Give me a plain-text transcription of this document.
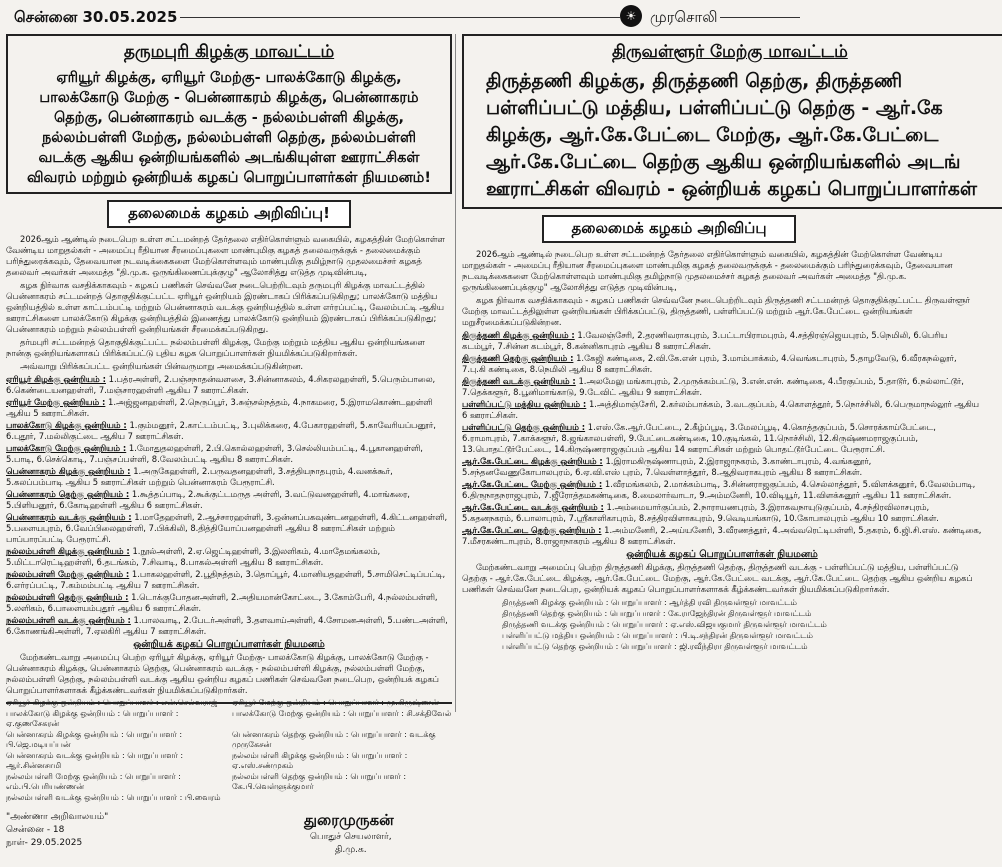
சென்னை 30.05.2025	☀ முரசொலி
தருமபுரி கிழக்கு மாவட்டம்
ஏரியூர் கிழக்கு, ஏரியூர் மேற்கு- பாலக்கோடு கிழக்கு, பாலக்கோடு மேற்கு - பென்னாகரம் கிழக்கு, பென்னாகரம் தெற்கு, பென்னாகரம் வடக்கு - நல்லம்பள்ளி கிழக்கு, நல்லம்பள்ளி மேற்கு, நல்லம்பள்ளி தெற்கு, நல்லம்பள்ளி வடக்கு ஆகிய ஒன்றியங்களில் அடங்கியுள்ள ஊராட்சிகள் விவரம் மற்றும் ஒன்றியக் கழகப் பொறுப்பாளர்கள் நியமனம்!
தலைமைக் கழகம் அறிவிப்பு!

2026ஆம் ஆண்டில் நடைபெற உள்ள சட்டமன்றத் தேர்தலை எதிர்கொள்ளும் வகையில், கழகத்தின் மேற்கொள்ள வேண்டிய மாறுதல்கள் - அமைப்பு ரீதியான சீரமைப்புகளை மாண்புமிகு கழகத் தலைவருக்குக் - தலைமைக்கும் பரிந்துரைக்கவும், தேவையான நடவடிக்கைகளை மேற்கொள்ளவும் மாண்புமிகு தமிழ்நாடு முதலமைச்சர் கழகத் தலைவர் அவர்கள் அமைத்த "தி.மு.க. ஒருங்கிணைப்புக்குழு" ஆலோசித்து எடுத்த முடிவின்படி,

கழக நிர்வாக வசதிக்காகவும் - கழகப் பணிகள் செவ்வனே நடைபெற்றிடவும் தருமபுரி கிழக்கு மாவட்டத்தில் பென்னாகரம் சட்டமன்றத் தொகுதிக்குட்பட்ட ஏரியூர் ஒன்றியம் இரண்டாகப் பிரிக்கப்படுகிறது; பாலக்கோடு மத்திய ஒன்றியத்தில் உள்ள காட்டம்பட்டி மற்றும் பென்னாகரம் வடக்கு ஒன்றியத்தில் உள்ள எர்ரப்பட்டி, வேலம்பட்டி ஆகிய ஊராட்சிகளை பாலக்கோடு கிழக்கு ஒன்றியத்தில் இணைத்து பாலக்கோடு ஒன்றியம் இரண்டாகப் பிரிக்கப்படுகிறது; பென்னாகரம் மற்றும் நல்லம்பள்ளி ஒன்றியங்கள் சீரமைக்கப்படுகிறது.

தர்மபுரி சட்டமன்றத் தொகுதிக்குட்பட்ட நல்லம்பள்ளி கிழக்கு, மேற்கு மற்றும் மத்திய ஆகிய ஒன்றியங்களை நான்கு ஒன்றியங்களாகப் பிரிக்கப்பட்டு புதிய கழக பொறுப்பாளர்கள் நியமிக்கப்படுகிறார்கள்.

அவ்வாறு பிரிக்கப்பட்ட ஒன்றியங்கள் பின்வருமாறு அமைக்கப்படுகின்றன.

ஏரியூர் கிழக்கு ஒன்றியம் : 1.பத்ரஅள்ளி, 2.பஞ்சநாதன்வளசை, 3.சின்னாகலம், 4.சிகரலஹள்ளி, 5.பெரும்பாலை, 6.கெண்டையனஹள்ளி, 7.மஞ்சாரஹள்ளி ஆகிய 7 ஊராட்சிகள்.

ஏரியூர் மேற்கு ஒன்றியம் : 1.அஜ்ஜனஹள்ளி, 2.நெருப்பூர், 3.சுஞ்சல்நத்தம், 4.நாகமரை, 5.இராமகொண்டஹள்ளி ஆகிய 5 ஊராட்சிகள்.

பாலக்கோடு கிழக்கு ஒன்றியம் : 1.கும்மனூர், 2.காட்டம்பட்டி, 3.புலிக்கரை, 4.பேகாரஹள்ளி, 5.காவேரியப்பனூர், 6.புதூர், 7.மல்லிகுட்டை ஆகிய 7 ஊராட்சிகள்.

பாலக்கோடு மேற்கு ஒன்றியம் : 1.மோதுதலஹள்ளி, 2.பி.கொல்லஹள்ளி, 3.செல்லியம்பட்டி, 4.பூகானஹள்ளி, 5.பாடி, 6.செக்கொடி, 7.பஞ்சப்பள்ளி, 8.வேலம்பட்டி ஆகிய 8 ஊராட்சிகள்.

பென்னாகரம் கிழக்கு ஒன்றியம் : 1.அருகேஹள்ளி, 2.பருவதனஹள்ளி, 3.சத்தியநாதபுரம், 4.வனக்கூர், 5.கலப்பம்பாடி ஆகிய 5 ஊராட்சிகள் மற்றும் பென்னாகரம் பேரூராட்சி.

பென்னாகரம் தெற்கு ஒன்றியம் : 1.கூத்தப்பாடி, 2.கூக்குட்டமருத அள்ளி, 3.வட்டுவனஹள்ளி, 4.மாங்கரை, 5.பிளியனூர், 6.கோடிஹள்ளி ஆகிய 6 ஊராட்சிகள்.

பென்னாகரம் வடக்கு ஒன்றியம் : 1.மாதேஹள்ளி, 2.ஆச்சாரஹள்ளி, 3.ஒன்னப்பகவுண்டனஹள்ளி, 4.கிட்டனஹள்ளி, 5.பளையபுரம், 6.வேப்பிலைஹள்ளி, 7.பிக்கிலி, 8.தித்தியோப்பனஹள்ளி ஆகிய 8 ஊராட்சிகள் மற்றும் பாப்பாரப்பட்டி பேரூராட்சி.

நல்லம்பள்ளி கிழக்கு ஒன்றியம் : 1.நூல்அள்ளி, 2.ஏ.ஜெட்டிஹள்ளி, 3.இலளிகம், 4.மாதேமங்கலம், 5.மிட்டாரெட்டிஹள்ளி, 6.தடங்கம், 7.சிவாடி, 8.பாகல்அள்ளி ஆகிய 8 ஊராட்சிகள்.

நல்லம்பள்ளி மேற்கு ஒன்றியம் : 1.பாகலஹள்ளி, 2.பூதிநத்தம், 3.தொப்பூர், 4.மானியதஹள்ளி, 5.சாமிசெட்டிப்பட்டி, 6.எர்ரப்பட்டி, 7.கம்மம்பட்டி ஆகிய 7 ஊராட்சிகள்.

நல்லம்பள்ளி தெற்கு ஒன்றியம் : 1.டொக்குபோதனஅள்ளி, 2.அதியமான்கோட்டை, 3.கோம்பேரி, 4.நல்லம்பள்ளி, 5.லளிகம், 6.பாளையம்புதூர் ஆகிய 6 ஊராட்சிகள்.

நல்லம்பள்ளி வடக்கு ஒன்றியம் : 1.பாலவாடி, 2.பேடர்அள்ளி, 3.தளவாய்அள்ளி, 4.சோமனஅள்ளி, 5.பண்டஅள்ளி, 6.கோணங்கிஅள்ளி, 7.ஏலகிரி ஆகிய 7 ஊராட்சிகள்.

ஒன்றியக் கழகப் பொறுப்பாளர்கள் நியமனம்

மேற்கண்டவாறு அமைப்பு பெற்ற ஏரியூர் கிழக்கு, ஏரியூர் மேற்கு- பாலக்கோடு கிழக்கு, பாலக்கோடு மேற்கு - பென்னாகரம் கிழக்கு, பென்னாகரம் தெற்கு, பென்னாகரம் வடக்கு - நல்லம்பள்ளி கிழக்கு, நல்லம்பள்ளி மேற்கு, நல்லம்பள்ளி தெற்கு, நல்லம்பள்ளி வடக்கு ஆகிய ஒன்றிய கழகப் பணிகள் செவ்வனே நடைபெற, ஒன்றியக் கழகப் பொறுப்பாளர்களாகக் கீழ்க்கண்டவர்கள் நியமிக்கப்படுகிறார்கள்.

ஏரியூர் கிழக்கு ஒன்றியம் : பொறுப்பாளர் : என்.செல்வராஜ்	ஏரியூர் மேற்கு ஒன்றியம் : பொறுப்பாளர் : மு.கிருஷ்ணன்
பாலக்கோடு கிழக்கு ஒன்றியம் : பொறுப்பாளர் : ஏ.குணசேகரன்
பாலக்கோடு மேற்கு ஒன்றியம் : பொறுப்பாளர் : சி.சக்திவேல்
பென்னாகரம் கிழக்கு ஒன்றியம் : பொறுப்பாளர் : பி.ஜெ.மடியப்பன்
பென்னாகரம் தெற்கு ஒன்றியம் : பொறுப்பாளர் : வடக்கு முருகேசன்
பென்னாகரம் வடக்கு ஒன்றியம் : பொறுப்பாளர் : ஆர்.சின்னசாமி
நல்லம்பள்ளி கிழக்கு ஒன்றியம் : பொறுப்பாளர் : ஏ.எஸ்.சண்முகம்
நல்லம்பள்ளி மேற்கு ஒன்றியம் : பொறுப்பாளர் : எம்.பி.பெரியண்ணன்
நல்லம்பள்ளி தெற்கு ஒன்றியம் : பொறுப்பாளர் : கே.பி.வெள்ளுக்குமார்
நல்லம்பள்ளி வடக்கு ஒன்றியம் : பொறுப்பாளர் : பி.வைரம்
"அண்ணா அறிவாலயம்"
சென்னை - 18
நாள்- 29.05.2025
துரைமுருகன்
பொதுச் செயலாளர்,
தி.மு.க.
திருவள்ளூர் மேற்கு மாவட்டம்
திருத்தணி கிழக்கு, திருத்தணி தெற்கு, திருத்தணி
பள்ளிப்பட்டு மத்திய, பள்ளிப்பட்டு தெற்கு - ஆர்.கே
கிழக்கு, ஆர்.கே.பேட்டை மேற்கு, ஆர்.கே.பேட்டை
ஆர்.கே.பேட்டை தெற்கு ஆகிய ஒன்றியங்களில் அடங்
ஊராட்சிகள் விவரம் - ஒன்றியக் கழகப் பொறுப்பாளர்கள்
தலைமைக் கழகம் அறிவிப்பு

2026ஆம் ஆண்டில் நடைபெற உள்ள சட்டமன்றத் தேர்தலை எதிர்கொள்ளும் வகையில், கழகத்தின் மேற்கொள்ள வேண்டிய மாறுதல்கள் - அமைப்பு ரீதியான சீரமைப்புகளை மாண்புமிகு கழகத் தலைவருக்குக் - தலைமைக்கும் பரிந்துரைக்கவும், தேவையான நடவடிக்கைகளை மேற்கொள்ளவும் மாண்புமிகு தமிழ்நாடு முதலமைச்சர் கழகத் தலைவர் அவர்கள் அமைத்த "தி.மு.க. ஒருங்கிணைப்புக்குழு" ஆலோசித்து எடுத்த முடிவின்படி,

கழக நிர்வாக வசதிக்காகவும் - கழகப் பணிகள் செவ்வனே நடைபெற்றிடவும் திருத்தணி சட்டமன்றத் தொகுதிக்குட்பட்ட திருவள்ளூர் மேற்கு மாவட்டத்திலுள்ள ஒன்றியங்கள் பிரிக்கப்பட்டு, திருத்தணி, பள்ளிப்பட்டு மற்றும் ஆர்.கே.பேட்டை ஒன்றியங்கள் மறுசீரமைக்கப்படுகின்றன.

திருத்தணி கிழக்கு ஒன்றியம் : 1.வேலஞ்சேரி, 2.தரணிவராகபுரம், 3.பட்டாபிராமபுரம், 4.சத்திரஞ்ஜெயபுரம், 5.நெமிலி, 6.பெரிய கடம்பூர், 7.சின்ன கடம்பூர், 8.கன்னிகாபுரம் ஆகிய 8 ஊராட்சிகள்.

திருத்தணி தெற்கு ஒன்றியம் : 1.கேஜி கண்டிகை, 2.வி.கே.என் புரம், 3.மாம்பாக்கம், 4.வெங்கடாபுரம், 5.தாழவேடு, 6.வீரகநல்லூர், 7.பு.கி கண்டிகை, 8.நெமிலி ஆகிய 8 ஊராட்சிகள்.

திருத்தணி வடக்கு ஒன்றியம் : 1.அலமேலு மங்காபுரம், 2.முருக்கம்பட்டு, 3.என்.என். கண்டிகை, 4.பீரகுப்பம், 5.தாடூர், 6.நல்லாட்டூர், 7.தெக்களூர், 8.பூனிமாங்காடு, 9.டேவிட் ஆகிய 9 ஊராட்சிகள்.

பள்ளிப்பட்டு மத்திய ஒன்றியம் : 1.அத்திமாஞ்சேரி, 2.கர்லம்பாக்கம், 3.வடகுப்பம், 4.கொளத்தூர், 5.நொச்சிலி, 6.பெருமாநல்லூர் ஆகிய 6 ஊராட்சிகள்.

பள்ளிப்பட்டு தெற்கு ஒன்றியம் : 1.எஸ்.கே.ஆர்.பேட்டை, 2.கீழ்ப்பூடி, 3.மேலப்பூடி, 4.கொத்தகுப்பம், 5.சொரக்காய்பேட்டை, 6.ராமாபுரம், 7.காக்களூர், 8.ஜங்காலபள்ளி, 9.பேட்டைகண்டிகை, 10.குடிங்கல், 11.நொச்சிலி, 12.கிருஷ்ணமராஜகுப்பம், 13.பொதட்டூர்பேட்டை, 14.கிருஷ்ணராஜகுப்பம் ஆகிய 14 ஊராட்சிகள் மற்றும் பொதட்டூர்பேட்டை பேரூராட்சி.

ஆர்.கே.பேட்டை கிழக்கு ஒன்றியம் : 1.இராமகிருஷ்ணாபுரம், 2.இராஜாநகரம், 3.காண்டாபுரம், 4.வங்கனூர், 5.சந்தனவேணுகோபாலபுரம், 6.ஏ.வி.எஸ் புரம், 7.வெள்ளாத்தூர், 8.ஆதிவராகபுரம் ஆகிய 8 ஊராட்சிகள்.

ஆர்.கே.பேட்டை மேற்கு ஒன்றியம் : 1.வீரமங்கலம், 2.மாக்கம்பாடி, 3.சின்னராஜகுப்பம், 4.செல்லாத்தூர், 5.விளக்கனூர், 6.வேலம்பாடி, 6.திருநாதநராஜபுரம், 7.ஜீரோத்தமகண்டிகை, 8.மைலார்வாடா, 9.அம்மனேரி, 10.விடியூர், 11.விளக்கனூர் ஆகிய 11 ஊராட்சிகள்.

ஆர்.கே.பேட்டை வடக்கு ஒன்றியம் : 1.அம்மையார்குப்பம், 2.நாராயணபுரம், 3.இராகவநாயுடுகுப்பம், 4.சந்திரவிலாசபுரம், 5.கதனநகரம், 6.பாலாபுரம், 7.ஸ்ரீகாளிகாபுரம், 8.சத்திரவிளாகபுரம், 9.வெடியங்காடு, 10.கோபாலபுரம் ஆகிய 10 ஊராட்சிகள்.

ஆர்.கே.பேட்டை தெற்கு ஒன்றியம் : 1.அம்மனேரி, 2.அய்யனேரி, 3.வீரணத்தூர், 4.அவ்வரெட்டிபள்ளி, 5.தகரம், 6.ஜி.சி.எஸ். கண்டிகை, 7.மீசரகண்டாபுரம், 8.ராஜாநாகரம் ஆகிய 8 ஊராட்சிகள்.

ஒன்றியக் கழகப் பொறுப்பாளர்கள் நியமனம்

மேற்கண்டவாறு அமைப்பு பெற்ற திருத்தணி கிழக்கு, திருத்தணி தெற்கு, திருத்தணி வடக்கு - பள்ளிப்பட்டு மத்திய, பள்ளிப்பட்டு தெற்கு - ஆர்.கே.பேட்டை கிழக்கு, ஆர்.கே.பேட்டை மேற்கு, ஆர்.கே.பேட்டை வடக்கு, ஆர்.கே.பேட்டை தெற்கு ஆகிய ஒன்றிய கழகப் பணிகள் செவ்வனே நடைபெற, ஒன்றியக் கழகப் பொறுப்பாளர்களாகக் கீழ்க்கண்டவர்கள் நியமிக்கப்படுகிறார்கள்.

திருத்தணி கிழக்கு ஒன்றியம் : பொறுப்பாளர் : ஆர்த்தி ரவி திருவள்ளூர் மாவட்டம்
திருத்தணி தெற்கு ஒன்றியம் : பொறுப்பாளர் : கே.ராஜேந்திரன் திருவள்ளூர் மாவட்டம்
திருத்தணி வடக்கு ஒன்றியம் : பொறுப்பாளர் : ஏ.எஸ்.விஜயகுமார் திருவள்ளூர் மாவட்டம்
பள்ளிப்பட்டு மத்திய ஒன்றியம் : பொறுப்பாளர் : பி.டி.சந்திரன் திருவள்ளூர் மாவட்டம்
பள்ளிப்பட்டு தெற்கு ஒன்றியம் : பொறுப்பாளர் : ஜி.ரவீந்திரா திருவள்ளூர் மாவட்டம்
